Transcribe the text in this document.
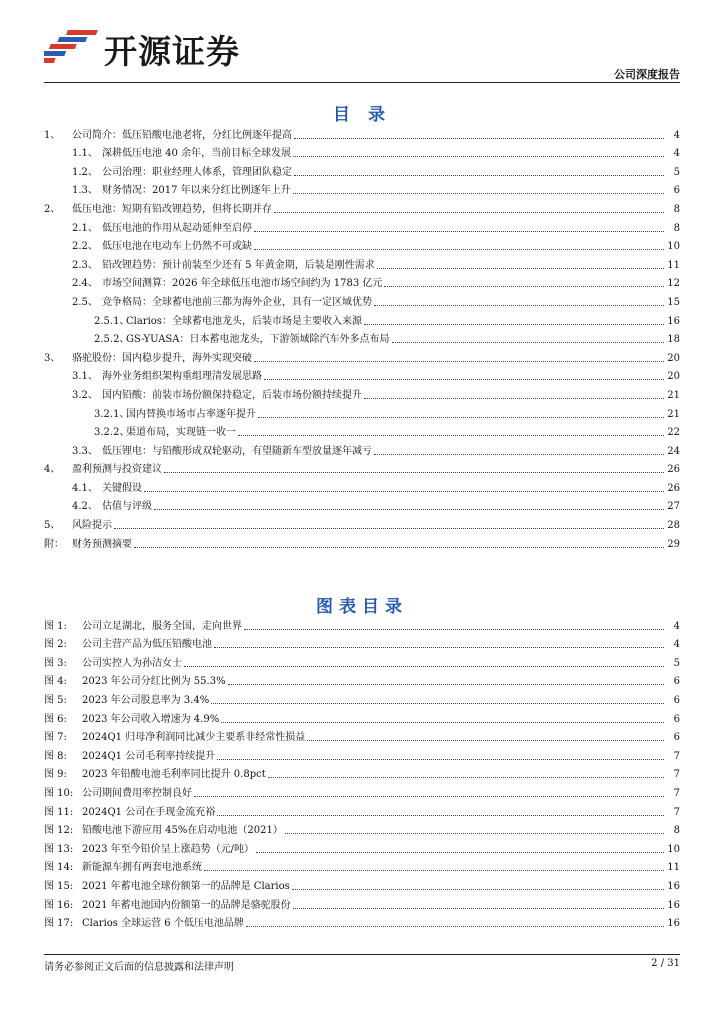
开源证券
公司深度报告
目 录
1、 公司简介：低压铅酸电池老将，分红比例逐年提高	4
1.1、 深耕低压电池 40 余年，当前目标全球发展	4
1.2、 公司治理：职业经理人体系，管理团队稳定	5
1.3、 财务情况：2017 年以来分红比例逐年上升	6
2、 低压电池：短期有铅改锂趋势，但将长期并存	8
2.1、 低压电池的作用从起动延伸至启停	8
2.2、 低压电池在电动车上仍然不可或缺	10
2.3、 铅改锂趋势：预计前装至少还有 5 年黄金期，后装是刚性需求	11
2.4、 市场空间测算：2026 年全球低压电池市场空间约为 1783 亿元	12
2.5、 竞争格局：全球蓄电池前三都为海外企业，具有一定区域优势	15
2.5.1、Clarios：全球蓄电池龙头，后装市场是主要收入来源	16
2.5.2、GS-YUASA：日本蓄电池龙头，下游领域除汽车外多点布局	18
3、 骆驼股份：国内稳步提升，海外实现突破	20
3.1、 海外业务组织架构重组理清发展思路	20
3.2、 国内铅酸：前装市场份额保持稳定，后装市场份额持续提升	21
3.2.1、国内替换市场市占率逐年提升	21
3.2.2、渠道布局，实现链一收一	22
3.3、 低压锂电：与铅酸形成双轮驱动，有望随新车型放量逐年减亏	24
4、 盈利预测与投资建议	26
4.1、 关键假设	26
4.2、 估值与评级	27
5、 风险提示	28
附： 财务预测摘要	29
图表目录
图 1: 公司立足湖北，服务全国，走向世界	4
图 2: 公司主营产品为低压铅酸电池	4
图 3: 公司实控人为孙洁女士	5
图 4: 2023 年公司分红比例为 55.3%	6
图 5: 2023 年公司股息率为 3.4%	6
图 6: 2023 年公司收入增速为 4.9%	6
图 7: 2024Q1 归母净利润同比减少主要系非经常性损益	6
图 8: 2024Q1 公司毛利率持续提升	7
图 9: 2023 年铅酸电池毛利率同比提升 0.8pct	7
图 10: 公司期间费用率控制良好	7
图 11: 2024Q1 公司在手现金流充裕	7
图 12: 铅酸电池下游应用 45%在启动电池（2021）	8
图 13: 2023 年至今铅价呈上涨趋势（元/吨）	10
图 14: 新能源车拥有两套电池系统	11
图 15: 2021 年蓄电池全球份额第一的品牌是 Clarios	16
图 16: 2021 年蓄电池国内份额第一的品牌是骆驼股份	16
图 17: Clarios 全球运营 6 个低压电池品牌	16
请务必参阅正文后面的信息披露和法律声明	2 / 31
